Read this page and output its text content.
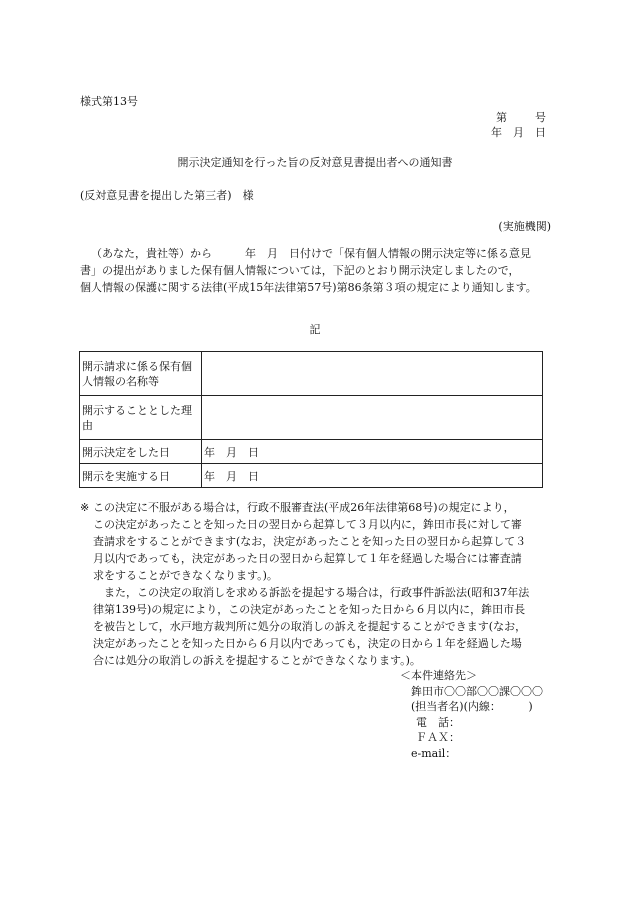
様式第13号
第	号
年　月　日
開示決定通知を行った旨の反対意見書提出者への通知書
(反対意見書を提出した第三者)　様
(実施機関)

（あなた，貴社等）から　　　年　月　日付けで「保有個人情報の開示決定等に係る意見

書」の提出がありました保有個人情報については，下記のとおり開示決定しましたので，

個人情報の保護に関する法律(平成15年法律第57号)第86条第３項の規定により通知します。

記
開示請求に係る保有個人情報の名称等	
開示することとした理由	
開示決定をした日	年　月　日
開示を実施する日	年　月　日

※ この決定に不服がある場合は，行政不服審査法(平成26年法律第68号)の規定により，

この決定があったことを知った日の翌日から起算して３月以内に，鉾田市長に対して審

査請求をすることができます(なお，決定があったことを知った日の翌日から起算して３

月以内であっても，決定があった日の翌日から起算して１年を経過した場合には審査請

求をすることができなくなります。)。

また，この決定の取消しを求める訴訟を提起する場合は，行政事件訴訟法(昭和37年法

律第139号)の規定により，この決定があったことを知った日から６月以内に，鉾田市長

を被告として，水戸地方裁判所に処分の取消しの訴えを提起することができます(なお，

決定があったことを知った日から６月以内であっても，決定の日から１年を経過した場

合には処分の取消しの訴えを提起することができなくなります。)。

＜本件連絡先＞

鉾田市〇〇部〇〇課〇〇〇

(担当者名)(内線：　　　)

電　話：

ＦＡＸ：

e-mail：
